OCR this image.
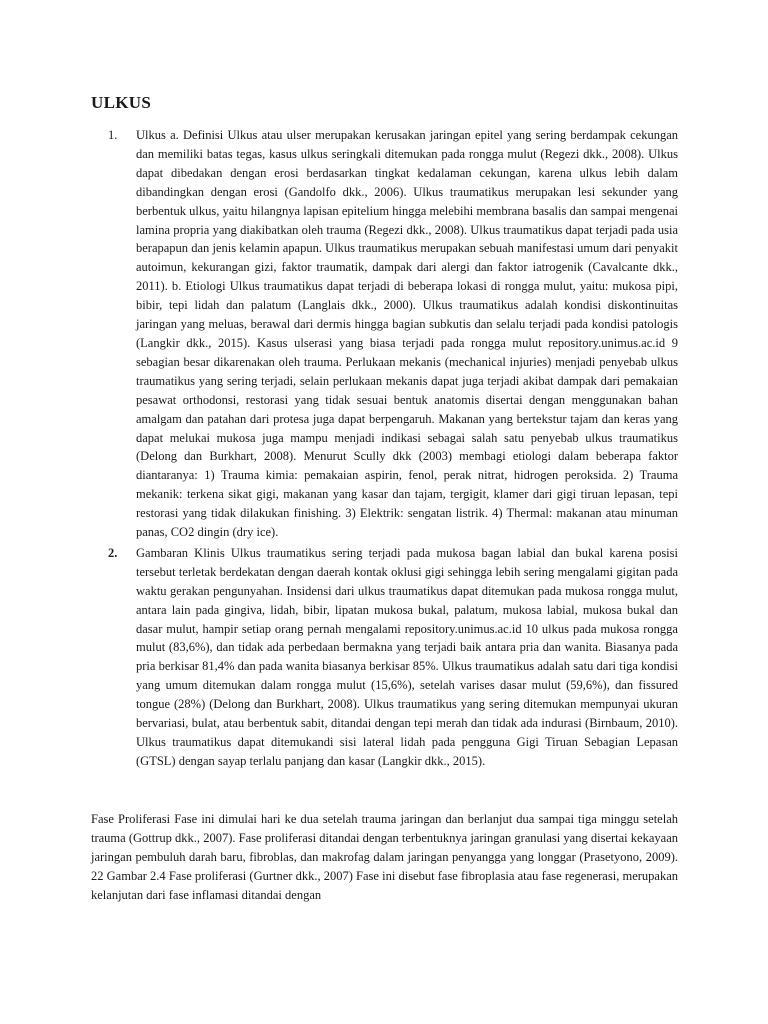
ULKUS
1.	Ulkus a. Definisi Ulkus atau ulser merupakan kerusakan jaringan epitel yang sering berdampak cekungan dan memiliki batas tegas, kasus ulkus seringkali ditemukan pada rongga mulut (Regezi dkk., 2008). Ulkus dapat dibedakan dengan erosi berdasarkan tingkat kedalaman cekungan, karena ulkus lebih dalam dibandingkan dengan erosi (Gandolfo dkk., 2006). Ulkus traumatikus merupakan lesi sekunder yang berbentuk ulkus, yaitu hilangnya lapisan epitelium hingga melebihi membrana basalis dan sampai mengenai lamina propria yang diakibatkan oleh trauma (Regezi dkk., 2008). Ulkus traumatikus dapat terjadi pada usia berapapun dan jenis kelamin apapun. Ulkus traumatikus merupakan sebuah manifestasi umum dari penyakit autoimun, kekurangan gizi, faktor traumatik, dampak dari alergi dan faktor iatrogenik (Cavalcante dkk., 2011). b. Etiologi Ulkus traumatikus dapat terjadi di beberapa lokasi di rongga mulut, yaitu: mukosa pipi, bibir, tepi lidah dan palatum (Langlais dkk., 2000). Ulkus traumatikus adalah kondisi diskontinuitas jaringan yang meluas, berawal dari dermis hingga bagian subkutis dan selalu terjadi pada kondisi patologis (Langkir dkk., 2015). Kasus ulserasi yang biasa terjadi pada rongga mulut repository.unimus.ac.id 9 sebagian besar dikarenakan oleh trauma. Perlukaan mekanis (mechanical injuries) menjadi penyebab ulkus traumatikus yang sering terjadi, selain perlukaan mekanis dapat juga terjadi akibat dampak dari pemakaian pesawat orthodonsi, restorasi yang tidak sesuai bentuk anatomis disertai dengan menggunakan bahan amalgam dan patahan dari protesa juga dapat berpengaruh. Makanan yang bertekstur tajam dan keras yang dapat melukai mukosa juga mampu menjadi indikasi sebagai salah satu penyebab ulkus traumatikus (Delong dan Burkhart, 2008). Menurut Scully dkk (2003) membagi etiologi dalam beberapa faktor diantaranya: 1) Trauma kimia: pemakaian aspirin, fenol, perak nitrat, hidrogen peroksida. 2) Trauma mekanik: terkena sikat gigi, makanan yang kasar dan tajam, tergigit, klamer dari gigi tiruan lepasan, tepi restorasi yang tidak dilakukan finishing. 3) Elektrik: sengatan listrik. 4) Thermal: makanan atau minuman panas, CO2 dingin (dry ice).

2.	Gambaran Klinis Ulkus traumatikus sering terjadi pada mukosa bagan labial dan bukal karena posisi tersebut terletak berdekatan dengan daerah kontak oklusi gigi sehingga lebih sering mengalami gigitan pada waktu gerakan pengunyahan. Insidensi dari ulkus traumatikus dapat ditemukan pada mukosa rongga mulut, antara lain pada gingiva, lidah, bibir, lipatan mukosa bukal, palatum, mukosa labial, mukosa bukal dan dasar mulut, hampir setiap orang pernah mengalami repository.unimus.ac.id 10 ulkus pada mukosa rongga mulut (83,6%), dan tidak ada perbedaan bermakna yang terjadi baik antara pria dan wanita. Biasanya pada pria berkisar 81,4% dan pada wanita biasanya berkisar 85%. Ulkus traumatikus adalah satu dari tiga kondisi yang umum ditemukan dalam rongga mulut (15,6%), setelah varises dasar mulut (59,6%), dan fissured tongue (28%) (Delong dan Burkhart, 2008). Ulkus traumatikus yang sering ditemukan mempunyai ukuran bervariasi, bulat, atau berbentuk sabit, ditandai dengan tepi merah dan tidak ada indurasi (Birnbaum, 2010). Ulkus traumatikus dapat ditemukandi sisi lateral lidah pada pengguna Gigi Tiruan Sebagian Lepasan (GTSL) dengan sayap terlalu panjang dan kasar (Langkir dkk., 2015).

Fase Proliferasi Fase ini dimulai hari ke dua setelah trauma jaringan dan berlanjut dua sampai tiga minggu setelah trauma (Gottrup dkk., 2007). Fase proliferasi ditandai dengan terbentuknya jaringan granulasi yang disertai kekayaan jaringan pembuluh darah baru, fibroblas, dan makrofag dalam jaringan penyangga yang longgar (Prasetyono, 2009). 22 Gambar 2.4 Fase proliferasi (Gurtner dkk., 2007) Fase ini disebut fase fibroplasia atau fase regenerasi, merupakan kelanjutan dari fase inflamasi ditandai dengan
